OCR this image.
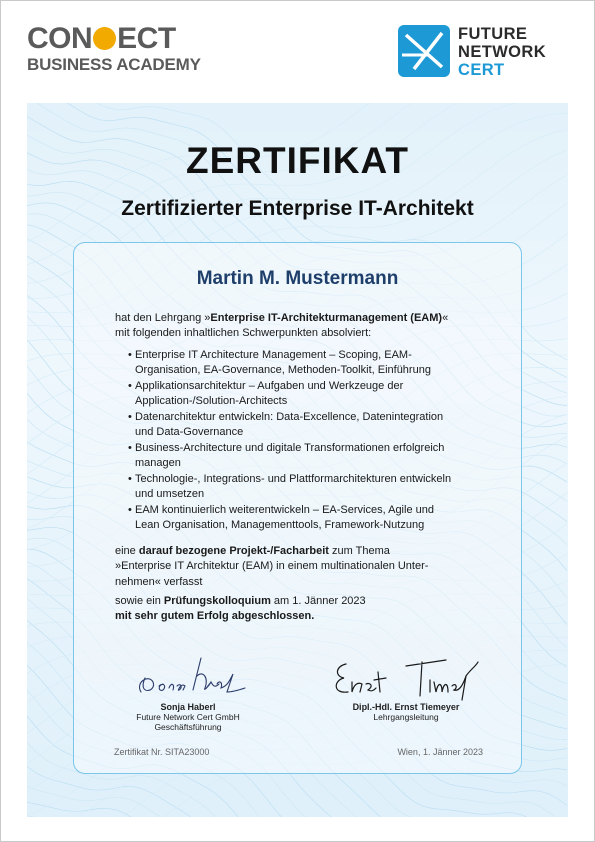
CON ECT
BUSINESS ACADEMY
FUTURE
NETWORK
CERT
ZERTIFIKAT
Zertifizierter Enterprise IT-Architekt
Martin M. Mustermann

hat den Lehrgang »Enterprise IT-Architekturmanagement (EAM)«

mit folgenden inhaltlichen Schwerpunkten absolviert:

• Enterprise IT Architecture Management – Scoping, EAM-
Organisation, EA-Governance, Methoden-Toolkit, Einführung
• Applikationsarchitektur – Aufgaben und Werkzeuge der
Application-/Solution-Architects
• Datenarchitektur entwickeln: Data-Excellence, Datenintegration
und Data-Governance
• Business-Architecture und digitale Transformationen erfolgreich
managen
• Technologie-, Integrations- und Plattformarchitekturen entwickeln
und umsetzen
• EAM kontinuierlich weiterentwickeln – EA-Services, Agile und
Lean Organisation, Managementtools, Framework-Nutzung

eine darauf bezogene Projekt-/Facharbeit zum Thema

»Enterprise IT Architektur (EAM) in einem multinationalen Unter-

nehmen« verfasst

sowie ein Prüfungskolloquium am 1. Jänner 2023

mit sehr gutem Erfolg abgeschlossen.

Sonja Haberl
Future Network Cert GmbH
Geschäftsführung
Dipl.-Hdl. Ernst Tiemeyer
Lehrgangsleitung
Zertifikat Nr. SITA23000	Wien, 1. Jänner 2023
